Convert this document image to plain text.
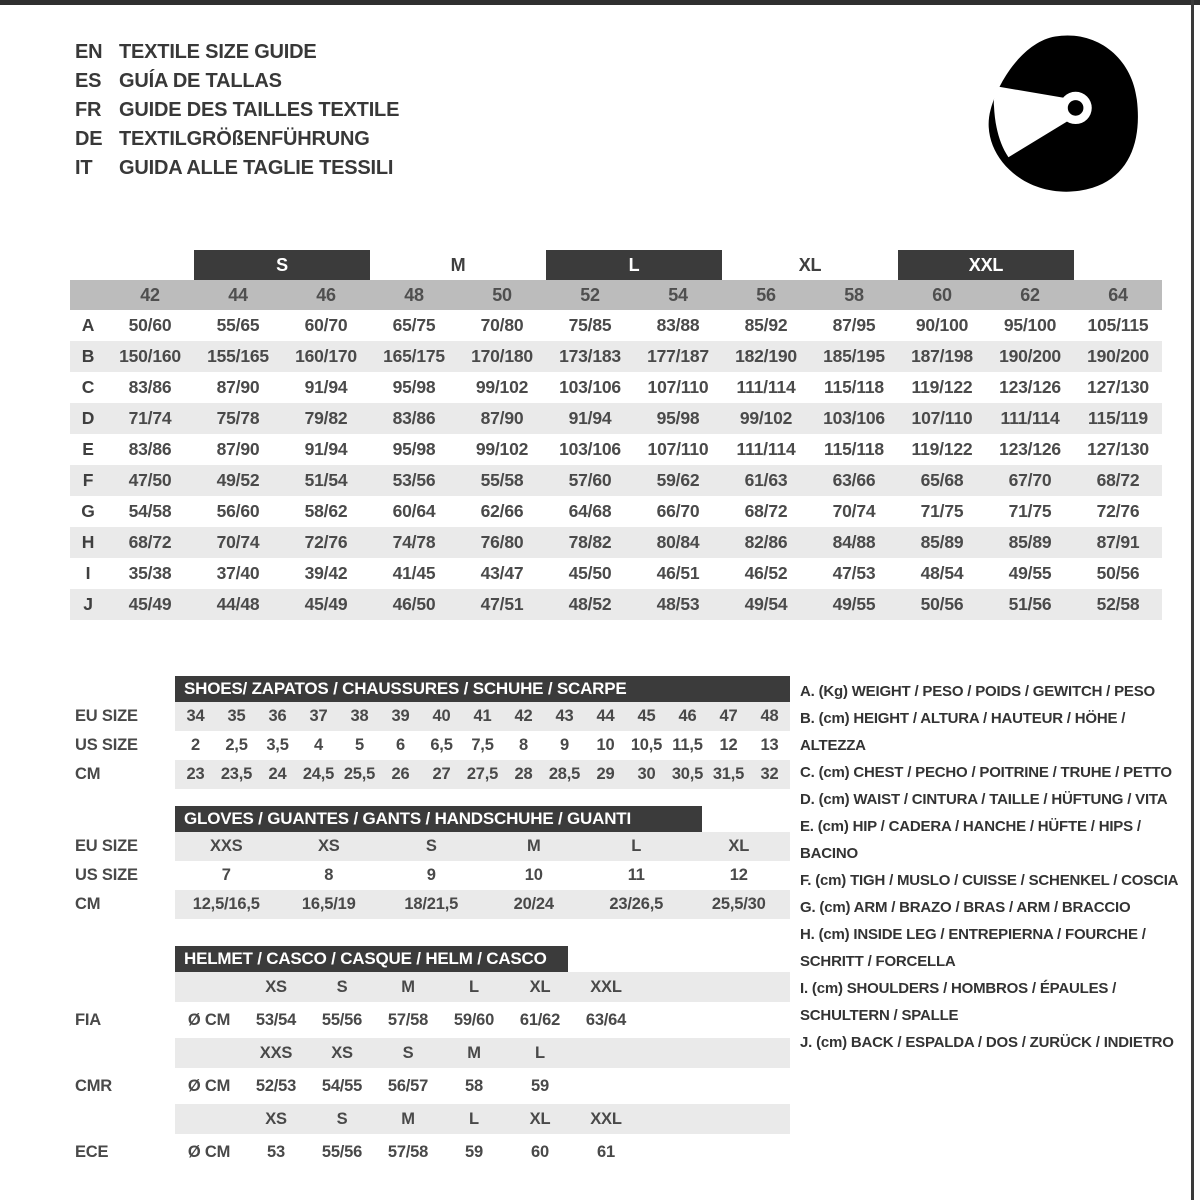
EN TEXTILE SIZE GUIDE
ES GUÍA DE TALLAS
FR GUIDE DES TAILLES TEXTILE
DE TEXTILGRÖßENFÜHRUNG
IT	GUIDA ALLE TAGLIE TESSILI
		S		M		L		XL		XXL		
	42	44	46	48	50	52	54	56	58	60	62	64
A	50/60	55/65	60/70	65/75	70/80	75/85	83/88	85/92	87/95	90/100	95/100	105/115
B	150/160	155/165	160/170	165/175	170/180	173/183	177/187	182/190	185/195	187/198	190/200	190/200
C	83/86	87/90	91/94	95/98	99/102	103/106	107/110	111/114	115/118	119/122	123/126	127/130
D	71/74	75/78	79/82	83/86	87/90	91/94	95/98	99/102	103/106	107/110	111/114	115/119
E	83/86	87/90	91/94	95/98	99/102	103/106	107/110	111/114	115/118	119/122	123/126	127/130
F	47/50	49/52	51/54	53/56	55/58	57/60	59/62	61/63	63/66	65/68	67/70	68/72
G	54/58	56/60	58/62	60/64	62/66	64/68	66/70	68/72	70/74	71/75	71/75	72/76
H	68/72	70/74	72/76	74/78	76/80	78/82	80/84	82/86	84/88	85/89	85/89	87/91
I	35/38	37/40	39/42	41/45	43/47	45/50	46/51	46/52	47/53	48/54	49/55	50/56
J	45/49	44/48	45/49	46/50	47/51	48/52	48/53	49/54	49/55	50/56	51/56	52/58
SHOES/ ZAPATOS / CHAUSSURES / SCHUHE / SCARPE
EU SIZE	34	35	36	37	38	39	40	41	42	43	44	45	46	47	48
US SIZE	2	2,5	3,5	4	5	6	6,5	7,5	8	9	10	10,5	11,5	12	13
CM	23	23,5	24	24,5	25,5	26	27	27,5	28	28,5	29	30	30,5	31,5	32
GLOVES / GUANTES / GANTS / HANDSCHUHE / GUANTI
EU SIZE	XXS	XS	S	M	L	XL
US SIZE	7	8	9	10	11	12
CM	12,5/16,5	16,5/19	18/21,5	20/24	23/26,5	25,5/30
HELMET / CASCO / CASQUE / HELM / CASCO
		XS	S	M	L	XL	XXL	
FIA	Ø CM	53/54	55/56	57/58	59/60	61/62	63/64	
		XXS	XS	S	M	L		
CMR	Ø CM	52/53	54/55	56/57	58	59		
		XS	S	M	L	XL	XXL	
ECE	Ø CM	53	55/56	57/58	59	60	61	
A. (Kg) WEIGHT / PESO / POIDS / GEWITCH / PESO
B. (cm) HEIGHT / ALTURA / HAUTEUR / HÖHE / ALTEZZA
C. (cm) CHEST / PECHO / POITRINE / TRUHE / PETTO
D. (cm) WAIST / CINTURA / TAILLE / HÜFTUNG / VITA
E. (cm) HIP / CADERA / HANCHE / HÜFTE / HIPS / BACINO
F. (cm) TIGH / MUSLO / CUISSE / SCHENKEL / COSCIA
G. (cm) ARM / BRAZO / BRAS / ARM / BRACCIO
H. (cm) INSIDE LEG / ENTREPIERNA / FOURCHE / SCHRITT / FORCELLA
I. (cm) SHOULDERS / HOMBROS / ÉPAULES / SCHULTERN / SPALLE
J. (cm) BACK / ESPALDA / DOS / ZURÜCK / INDIETRO
